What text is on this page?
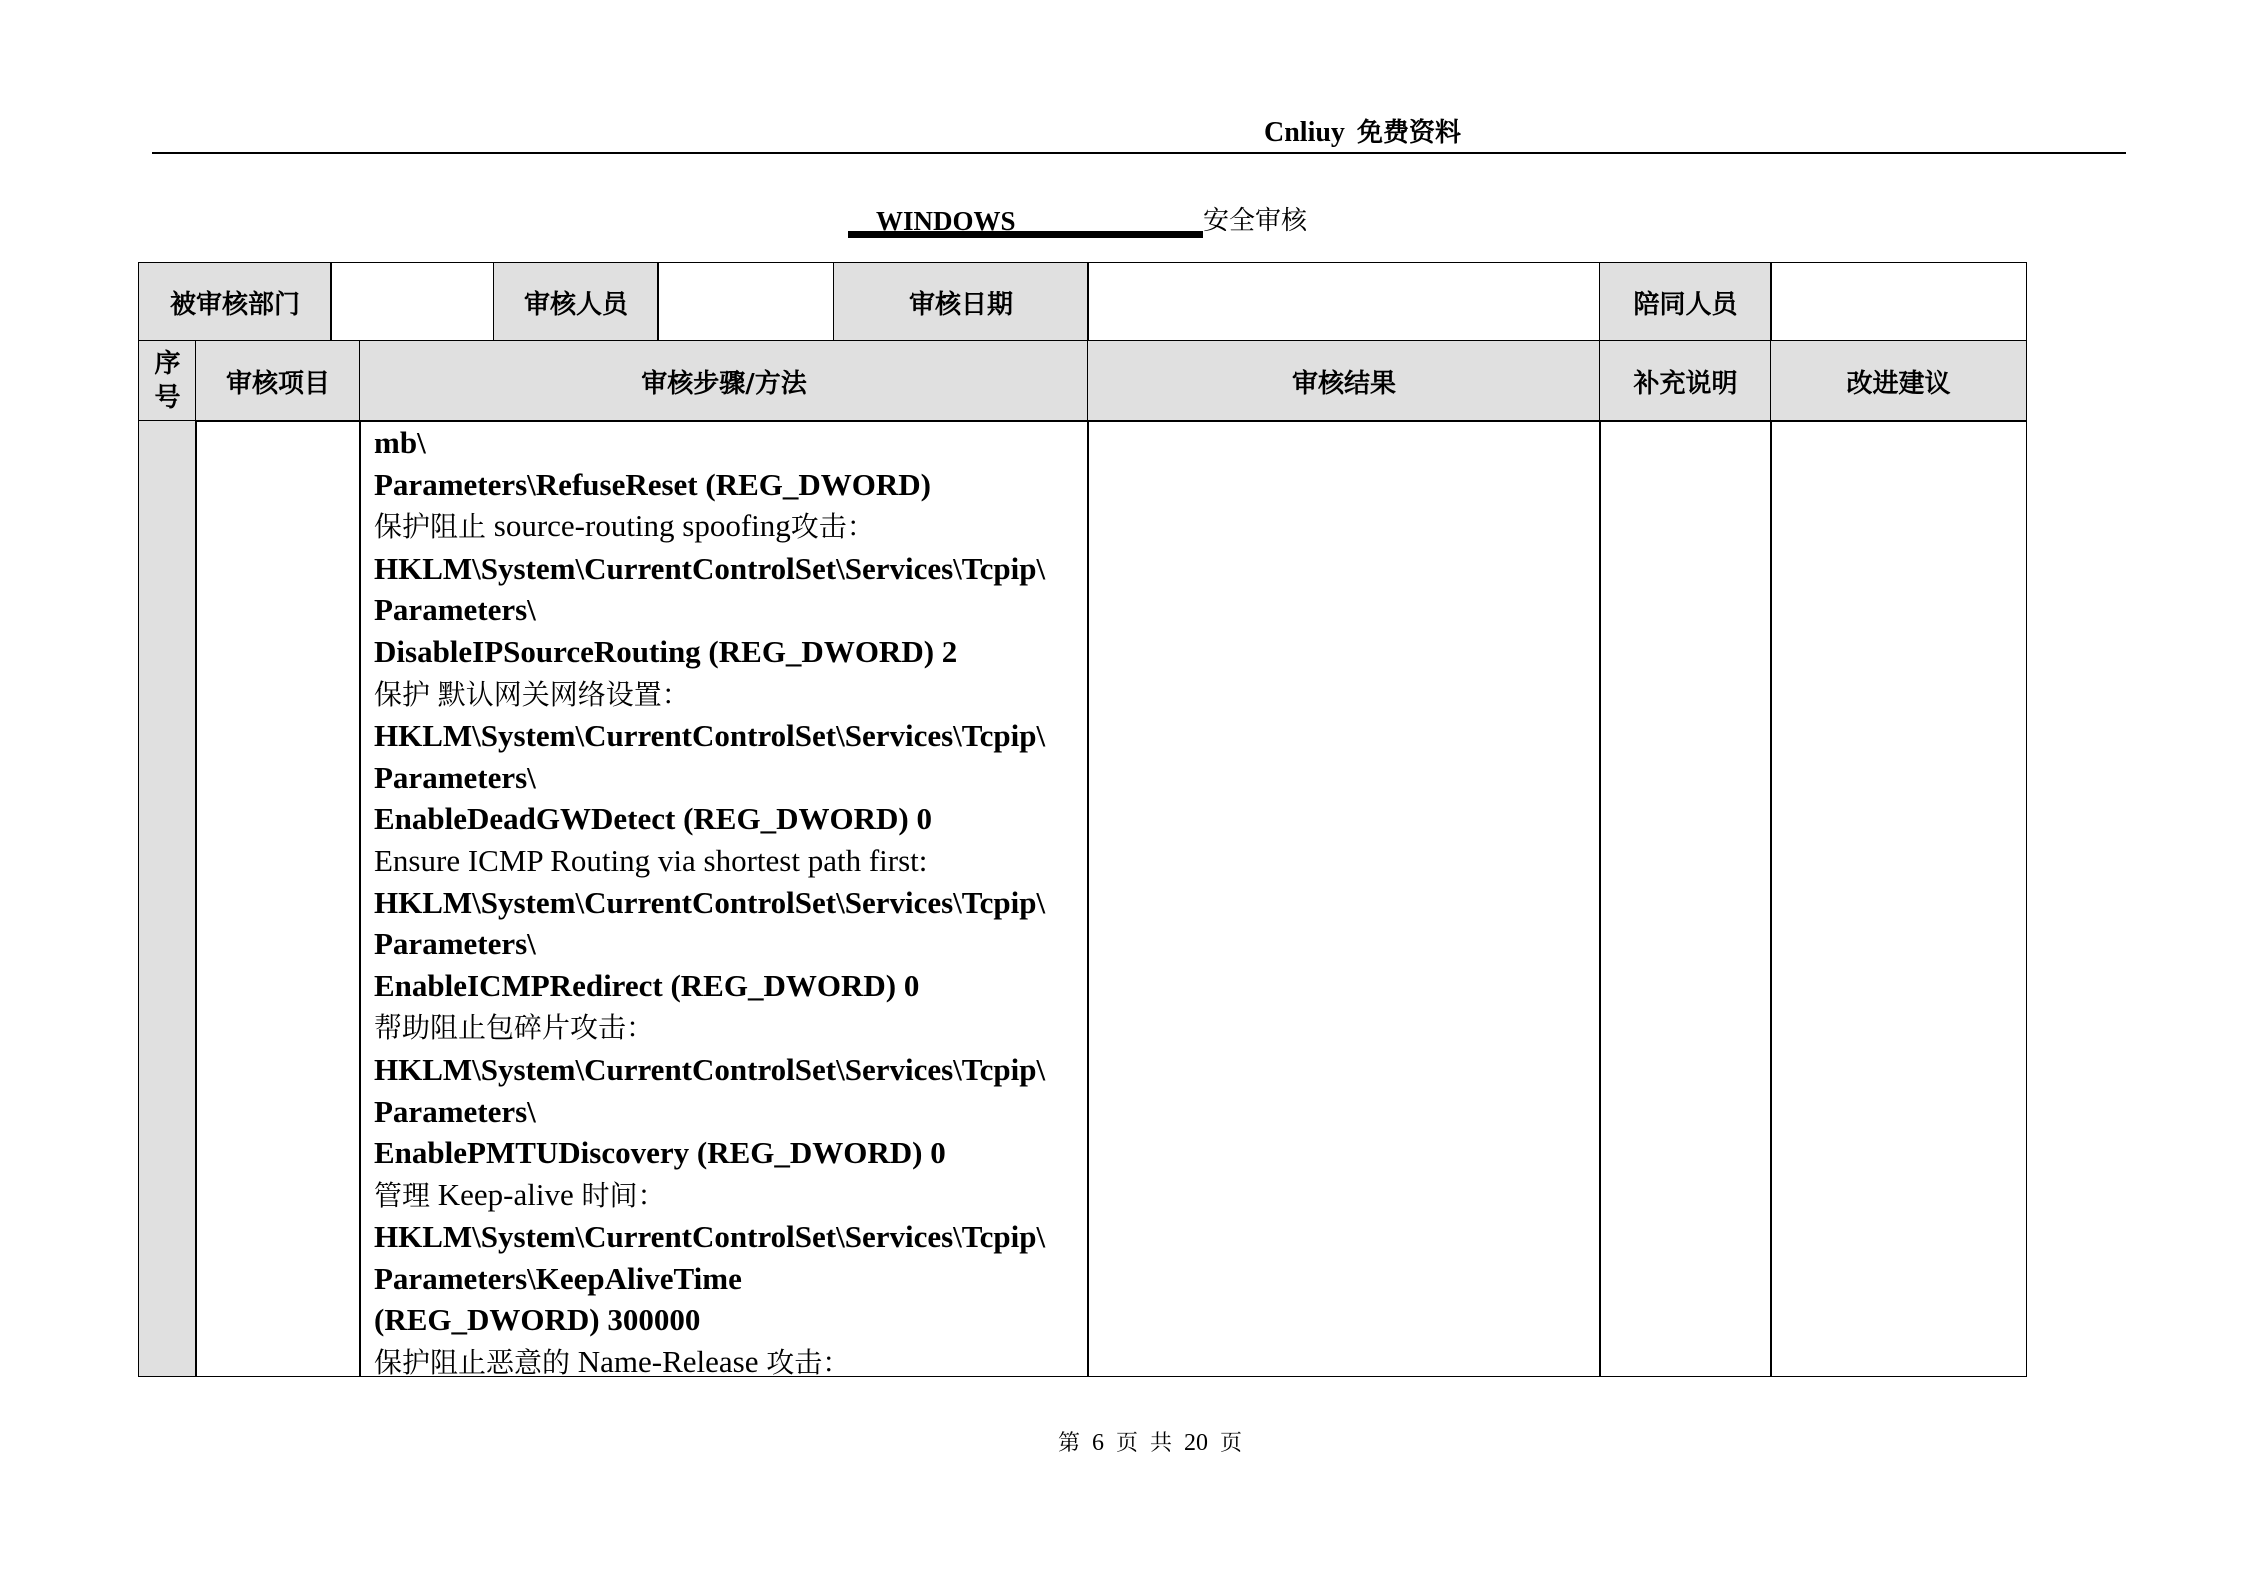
Cnliuy 免费资料
WINDOWS	安全审核
被审核部门	审核人员	审核日期	陪同人员
序
号	审核项目	审核步骤/方法	审核结果	补充说明	改进建议
mb\
Parameters\RefuseReset (REG_DWORD)
保护阻止 source-routing spoofing攻击：
HKLM\System\CurrentControlSet\Services\Tcpip\
Parameters\
DisableIPSourceRouting (REG_DWORD) 2
保护 默认网关网络设置：
HKLM\System\CurrentControlSet\Services\Tcpip\
Parameters\
EnableDeadGWDetect (REG_DWORD) 0
Ensure ICMP Routing via shortest path first:
HKLM\System\CurrentControlSet\Services\Tcpip\
Parameters\
EnableICMPRedirect (REG_DWORD) 0
帮助阻止包碎片攻击：
HKLM\System\CurrentControlSet\Services\Tcpip\
Parameters\
EnablePMTUDiscovery (REG_DWORD) 0
管理 Keep-alive 时间：
HKLM\System\CurrentControlSet\Services\Tcpip\
Parameters\KeepAliveTime
(REG_DWORD) 300000
保护阻止恶意的 Name-Release 攻击：
第 6 页 共 20 页
